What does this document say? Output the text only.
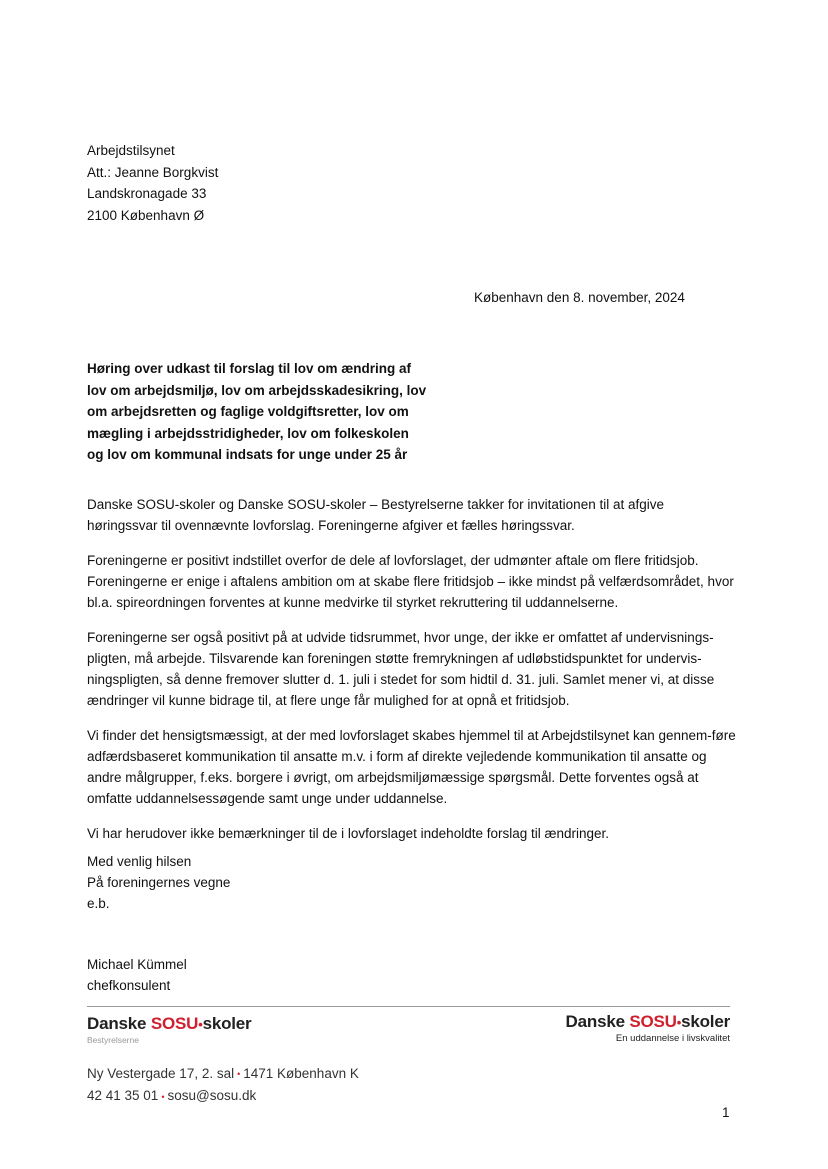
Arbejdstilsynet
Att.: Jeanne Borgkvist
Landskronagade 33
2100 København Ø
København den 8. november, 2024
Høring over udkast til forslag til lov om ændring af lov om arbejdsmiljø, lov om arbejdsskadesikring, lov om arbejdsretten og faglige voldgiftsretter, lov om mægling i arbejdsstridigheder, lov om folkeskolen og lov om kommunal indsats for unge under 25 år

Danske SOSU-skoler og Danske SOSU-skoler – Bestyrelserne takker for invitationen til at afgive høringssvar til ovennævnte lovforslag. Foreningerne afgiver et fælles høringssvar.

Foreningerne er positivt indstillet overfor de dele af lovforslaget, der udmønter aftale om flere fritidsjob. Foreningerne er enige i aftalens ambition om at skabe flere fritidsjob – ikke mindst på velfærdsområdet, hvor bl.a. spireordningen forventes at kunne medvirke til styrket rekruttering til uddannelserne.

Foreningerne ser også positivt på at udvide tidsrummet, hvor unge, der ikke er omfattet af undervisnings-pligten, må arbejde. Tilsvarende kan foreningen støtte fremrykningen af udløbstidspunktet for undervis-ningspligten, så denne fremover slutter d. 1. juli i stedet for som hidtil d. 31. juli. Samlet mener vi, at disse ændringer vil kunne bidrage til, at flere unge får mulighed for at opnå et fritidsjob.

Vi finder det hensigtsmæssigt, at der med lovforslaget skabes hjemmel til at Arbejdstilsynet kan gennem-føre adfærdsbaseret kommunikation til ansatte m.v. i form af direkte vejledende kommunikation til ansatte og andre målgrupper, f.eks. borgere i øvrigt, om arbejdsmiljømæssige spørgsmål. Dette forventes også at omfatte uddannelsessøgende samt unge under uddannelse.

Vi har herudover ikke bemærkninger til de i lovforslaget indeholdte forslag til ændringer.

Med venlig hilsen
På foreningernes vegne
e.b.
Michael Kümmel
chefkonsulent
Danske SOSU•skoler
Bestyrelserne
Danske SOSU•skoler
En uddannelse i livskvalitet
Ny Vestergade 17, 2. sal • 1471 København K
42 41 35 01 • sosu@sosu.dk
1
